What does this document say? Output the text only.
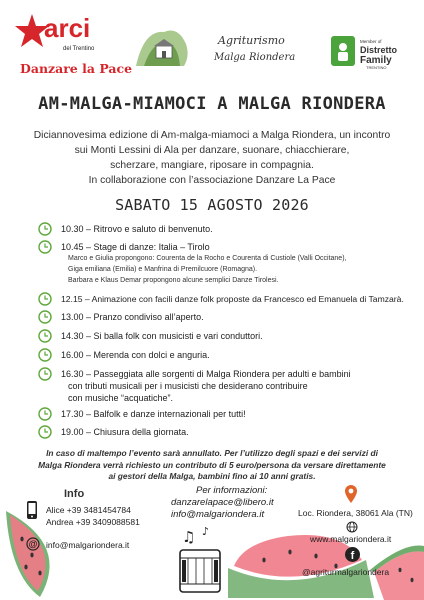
arci
del Trentino
Danzare la Pace
Agriturismo
Malga Riondera
Member of
Distretto
Family
TRENTINO
AM-MALGA-MIAMOCI A MALGA RIONDERA
Diciannovesima edizione di Am-malga-miamoci a Malga Riondera, un incontro
sui Monti Lessini di Ala per danzare, suonare, chiacchierare,
scherzare, mangiare, riposare in compagnia.
In collaborazione con l’associazione Danzare La Pace
SABATO 15 AGOSTO 2026
10.30 – Ritrovo e saluto di benvenuto.
10.45 – Stage di danze: Italia – Tirolo
Marco e Giulia propongono: Courenta de la Rocho e Courenta di Custiole (Valli Occitane),
Giga emiliana (Emilia) e Manfrina di Premilcuore (Romagna).
Barbara e Klaus Demar propongono alcune semplici Danze Tirolesi.
12.15 – Animazione con facili danze folk proposte da Francesco ed Emanuela di Tamzarà.
13.00 – Pranzo condiviso all’aperto.
14.30 – Si balla folk con musicisti e vari conduttori.
16.00 – Merenda con dolci e anguria.
16.30 – Passeggiata alle sorgenti di Malga Riondera per adulti e bambini
con tributi musicali per i musicisti che desiderano contribuire
con musiche “acquatiche”.
17.30 – Balfolk e danze internazionali per tutti!
19.00 – Chiusura della giornata.
In caso di maltempo l’evento sarà annullato. Per l’utilizzo degli spazi e dei servizi di
Malga Riondera verrà richiesto un contributo di 5 euro/persona da versare direttamente
ai gestori della Malga, bambini fino ai 10 anni gratis.
Info
Alice +39 3481454784
Andrea +39 3409088581
@ info@malgariondera.it
Per informazioni:
danzarelapace@libero.it
info@malgariondera.it
♫ ♪
Loc. Riondera, 38061 Ala (TN)
www.malgariondera.it
f
@agriturmalgariondera
